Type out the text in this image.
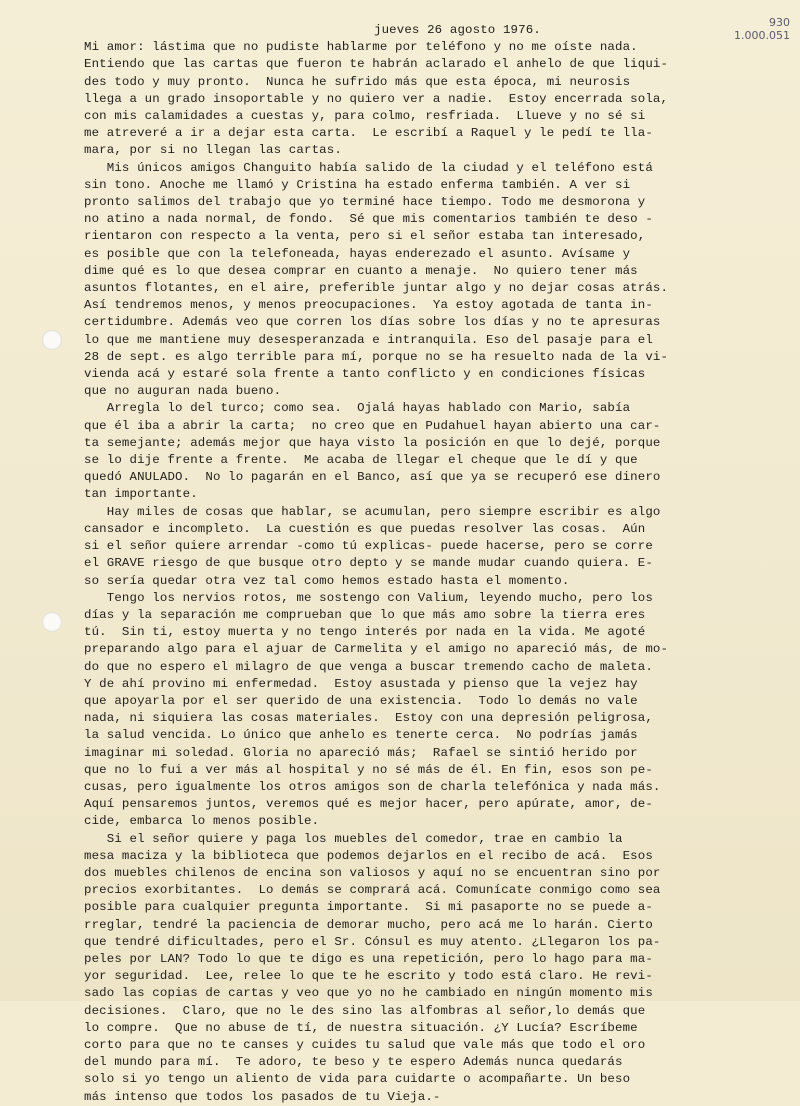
930
1.000.051
jueves 26 agosto 1976.
Mi amor: lástima que no pudiste hablarme por teléfono y no me oíste nada.
Entiendo que las cartas que fueron te habrán aclarado el anhelo de que liqui-
des todo y muy pronto.  Nunca he sufrido más que esta época, mi neurosis
llega a un grado insoportable y no quiero ver a nadie.  Estoy encerrada sola,
con mis calamidades a cuestas y, para colmo, resfriada.  Llueve y no sé si
me atreveré a ir a dejar esta carta.  Le escribí a Raquel y le pedí te lla-
mara, por si no llegan las cartas.
Mis únicos amigos Changuito había salido de la ciudad y el teléfono está
sin tono. Anoche me llamó y Cristina ha estado enferma también. A ver si
pronto salimos del trabajo que yo terminé hace tiempo. Todo me desmorona y
no atino a nada normal, de fondo.  Sé que mis comentarios también te deso -
rientaron con respecto a la venta, pero si el señor estaba tan interesado,
es posible que con la telefoneada, hayas enderezado el asunto. Avísame y
dime qué es lo que desea comprar en cuanto a menaje.  No quiero tener más
asuntos flotantes, en el aire, preferible juntar algo y no dejar cosas atrás.
Así tendremos menos, y menos preocupaciones.  Ya estoy agotada de tanta in-
certidumbre. Además veo que corren los días sobre los días y no te apresuras
lo que me mantiene muy desesperanzada e intranquila. Eso del pasaje para el
28 de sept. es algo terrible para mí, porque no se ha resuelto nada de la vi-
vienda acá y estaré sola frente a tanto conflicto y en condiciones físicas
que no auguran nada bueno.
Arregla lo del turco; como sea.  Ojalá hayas hablado con Mario, sabía
que él iba a abrir la carta;  no creo que en Pudahuel hayan abierto una car-
ta semejante; además mejor que haya visto la posición en que lo dejé, porque
se lo dije frente a frente.  Me acaba de llegar el cheque que le dí y que
quedó ANULADO.  No lo pagarán en el Banco, así que ya se recuperó ese dinero
tan importante.
Hay miles de cosas que hablar, se acumulan, pero siempre escribir es algo
cansador e incompleto.  La cuestión es que puedas resolver las cosas.  Aún
si el señor quiere arrendar -como tú explicas- puede hacerse, pero se corre
el GRAVE riesgo de que busque otro depto y se mande mudar cuando quiera. E-
so sería quedar otra vez tal como hemos estado hasta el momento.
Tengo los nervios rotos, me sostengo con Valium, leyendo mucho, pero los
días y la separación me comprueban que lo que más amo sobre la tierra eres
tú.  Sin ti, estoy muerta y no tengo interés por nada en la vida. Me agoté
preparando algo para el ajuar de Carmelita y el amigo no apareció más, de mo-
do que no espero el milagro de que venga a buscar tremendo cacho de maleta.
Y de ahí provino mi enfermedad.  Estoy asustada y pienso que la vejez hay
que apoyarla por el ser querido de una existencia.  Todo lo demás no vale
nada, ni siquiera las cosas materiales.  Estoy con una depresión peligrosa,
la salud vencida. Lo único que anhelo es tenerte cerca.  No podrías jamás
imaginar mi soledad. Gloria no apareció más;  Rafael se sintió herido por
que no lo fui a ver más al hospital y no sé más de él. En fin, esos son pe-
cusas, pero igualmente los otros amigos son de charla telefónica y nada más.
Aquí pensaremos juntos, veremos qué es mejor hacer, pero apúrate, amor, de-
cide, embarca lo menos posible.
Si el señor quiere y paga los muebles del comedor, trae en cambio la
mesa maciza y la biblioteca que podemos dejarlos en el recibo de acá.  Esos
dos muebles chilenos de encina son valiosos y aquí no se encuentran sino por
precios exorbitantes.  Lo demás se comprará acá. Comunícate conmigo como sea
posible para cualquier pregunta importante.  Si mi pasaporte no se puede a-
rreglar, tendré la paciencia de demorar mucho, pero acá me lo harán. Cierto
que tendré dificultades, pero el Sr. Cónsul es muy atento. ¿Llegaron los pa-
peles por LAN? Todo lo que te digo es una repetición, pero lo hago para ma-
yor seguridad.  Lee, relee lo que te he escrito y todo está claro. He revi-
sado las copias de cartas y veo que yo no he cambiado en ningún momento mis
decisiones.  Claro, que no le des sino las alfombras al señor,lo demás que
lo compre.  Que no abuse de tí, de nuestra situación. ¿Y Lucía? Escríbeme
corto para que no te canses y cuides tu salud que vale más que todo el oro
del mundo para mí.  Te adoro, te beso y te espero Además nunca quedarás
solo si yo tengo un aliento de vida para cuidarte o acompañarte. Un beso
más intenso que todos los pasados de tu Vieja.-
